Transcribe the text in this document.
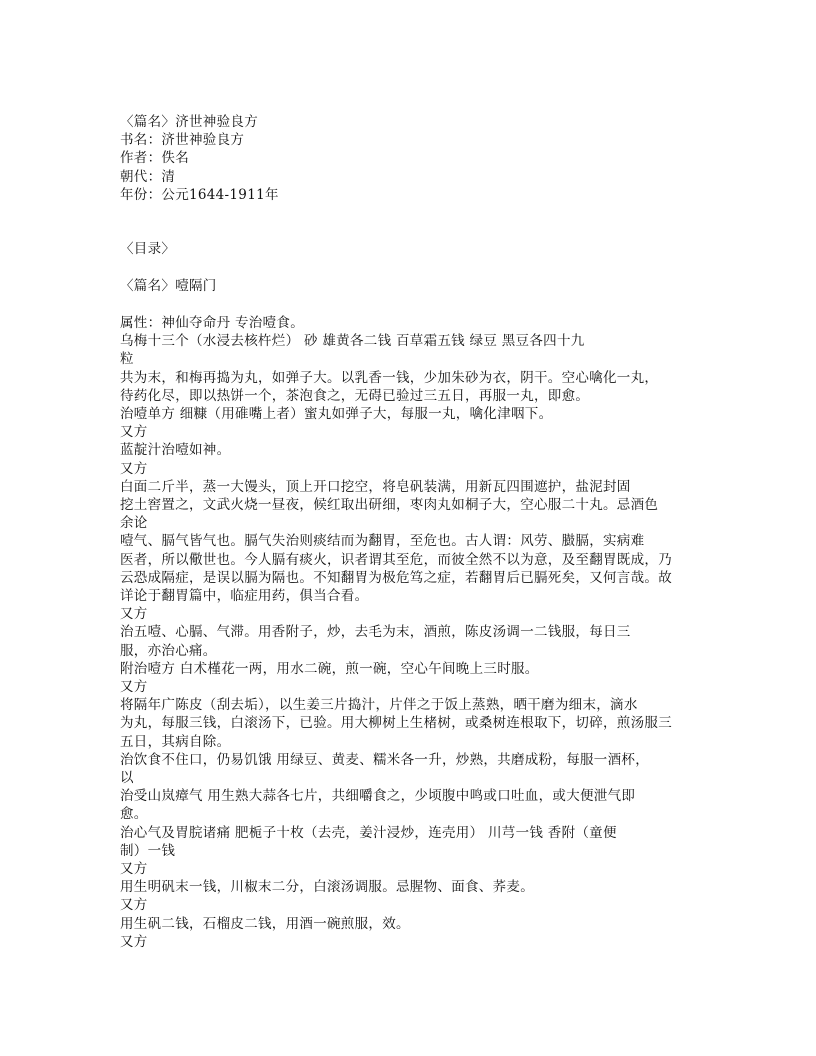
〈篇名〉济世神验良方
书名：济世神验良方
作者：佚名
朝代：清
年份：公元1644-1911年
〈目录〉
〈篇名〉噎隔门
属性：神仙夺命丹 专治噎食。
乌梅十三个（水浸去核杵烂） 砂 雄黄各二钱 百草霜五钱 绿豆 黑豆各四十九
粒
共为末，和梅再捣为丸，如弹子大。以乳香一钱，少加朱砂为衣，阴干。空心噙化一丸，
待药化尽，即以热饼一个，茶泡食之，无碍已验过三五日，再服一丸，即愈。
治噎单方 细糠（用碓嘴上者）蜜丸如弹子大，每服一丸，噙化津咽下。
又方
蓝靛汁治噎如神。
又方
白面二斤半，蒸一大馒头，顶上开口挖空，将皂矾装满，用新瓦四围遮护，盐泥封固
挖土窖置之，文武火烧一昼夜，候红取出研细，枣肉丸如桐子大，空心服二十丸。忌酒色
余论
噎气、膈气皆气也。膈气失治则痰结而为翻胃，至危也。古人谓：风劳、臌膈，实病难
医者，所以儆世也。今人膈有痰火，识者谓其至危，而彼全然不以为意，及至翻胃既成，乃
云恐成隔症，是误以膈为隔也。不知翻胃为极危笃之症，若翻胃后已膈死矣，又何言哉。故
详论于翻胃篇中，临症用药，俱当合看。
又方
治五噎、心膈、气滞。用香附子，炒，去毛为末，酒煎，陈皮汤调一二钱服，每日三
服，亦治心痛。
附治噎方 白术槿花一两，用水二碗，煎一碗，空心午间晚上三时服。
又方
将隔年广陈皮（刮去垢），以生姜三片捣汁，片伴之于饭上蒸熟，晒干磨为细末，滴水
为丸，每服三钱，白滚汤下，已验。用大柳树上生楮树，或桑树连根取下，切碎，煎汤服三
五日，其病自除。
治饮食不住口，仍易饥饿 用绿豆、黄麦、糯米各一升，炒熟，共磨成粉，每服一酒杯，
以
治受山岚瘴气 用生熟大蒜各七片，共细嚼食之，少顷腹中鸣或口吐血，或大便泄气即
愈。
治心气及胃脘诸痛 肥栀子十枚（去壳，姜汁浸炒，连壳用） 川芎一钱 香附（童便
制）一钱
又方
用生明矾末一钱，川椒末二分，白滚汤调服。忌腥物、面食、荞麦。
又方
用生矾二钱，石榴皮二钱，用酒一碗煎服，效。
又方
